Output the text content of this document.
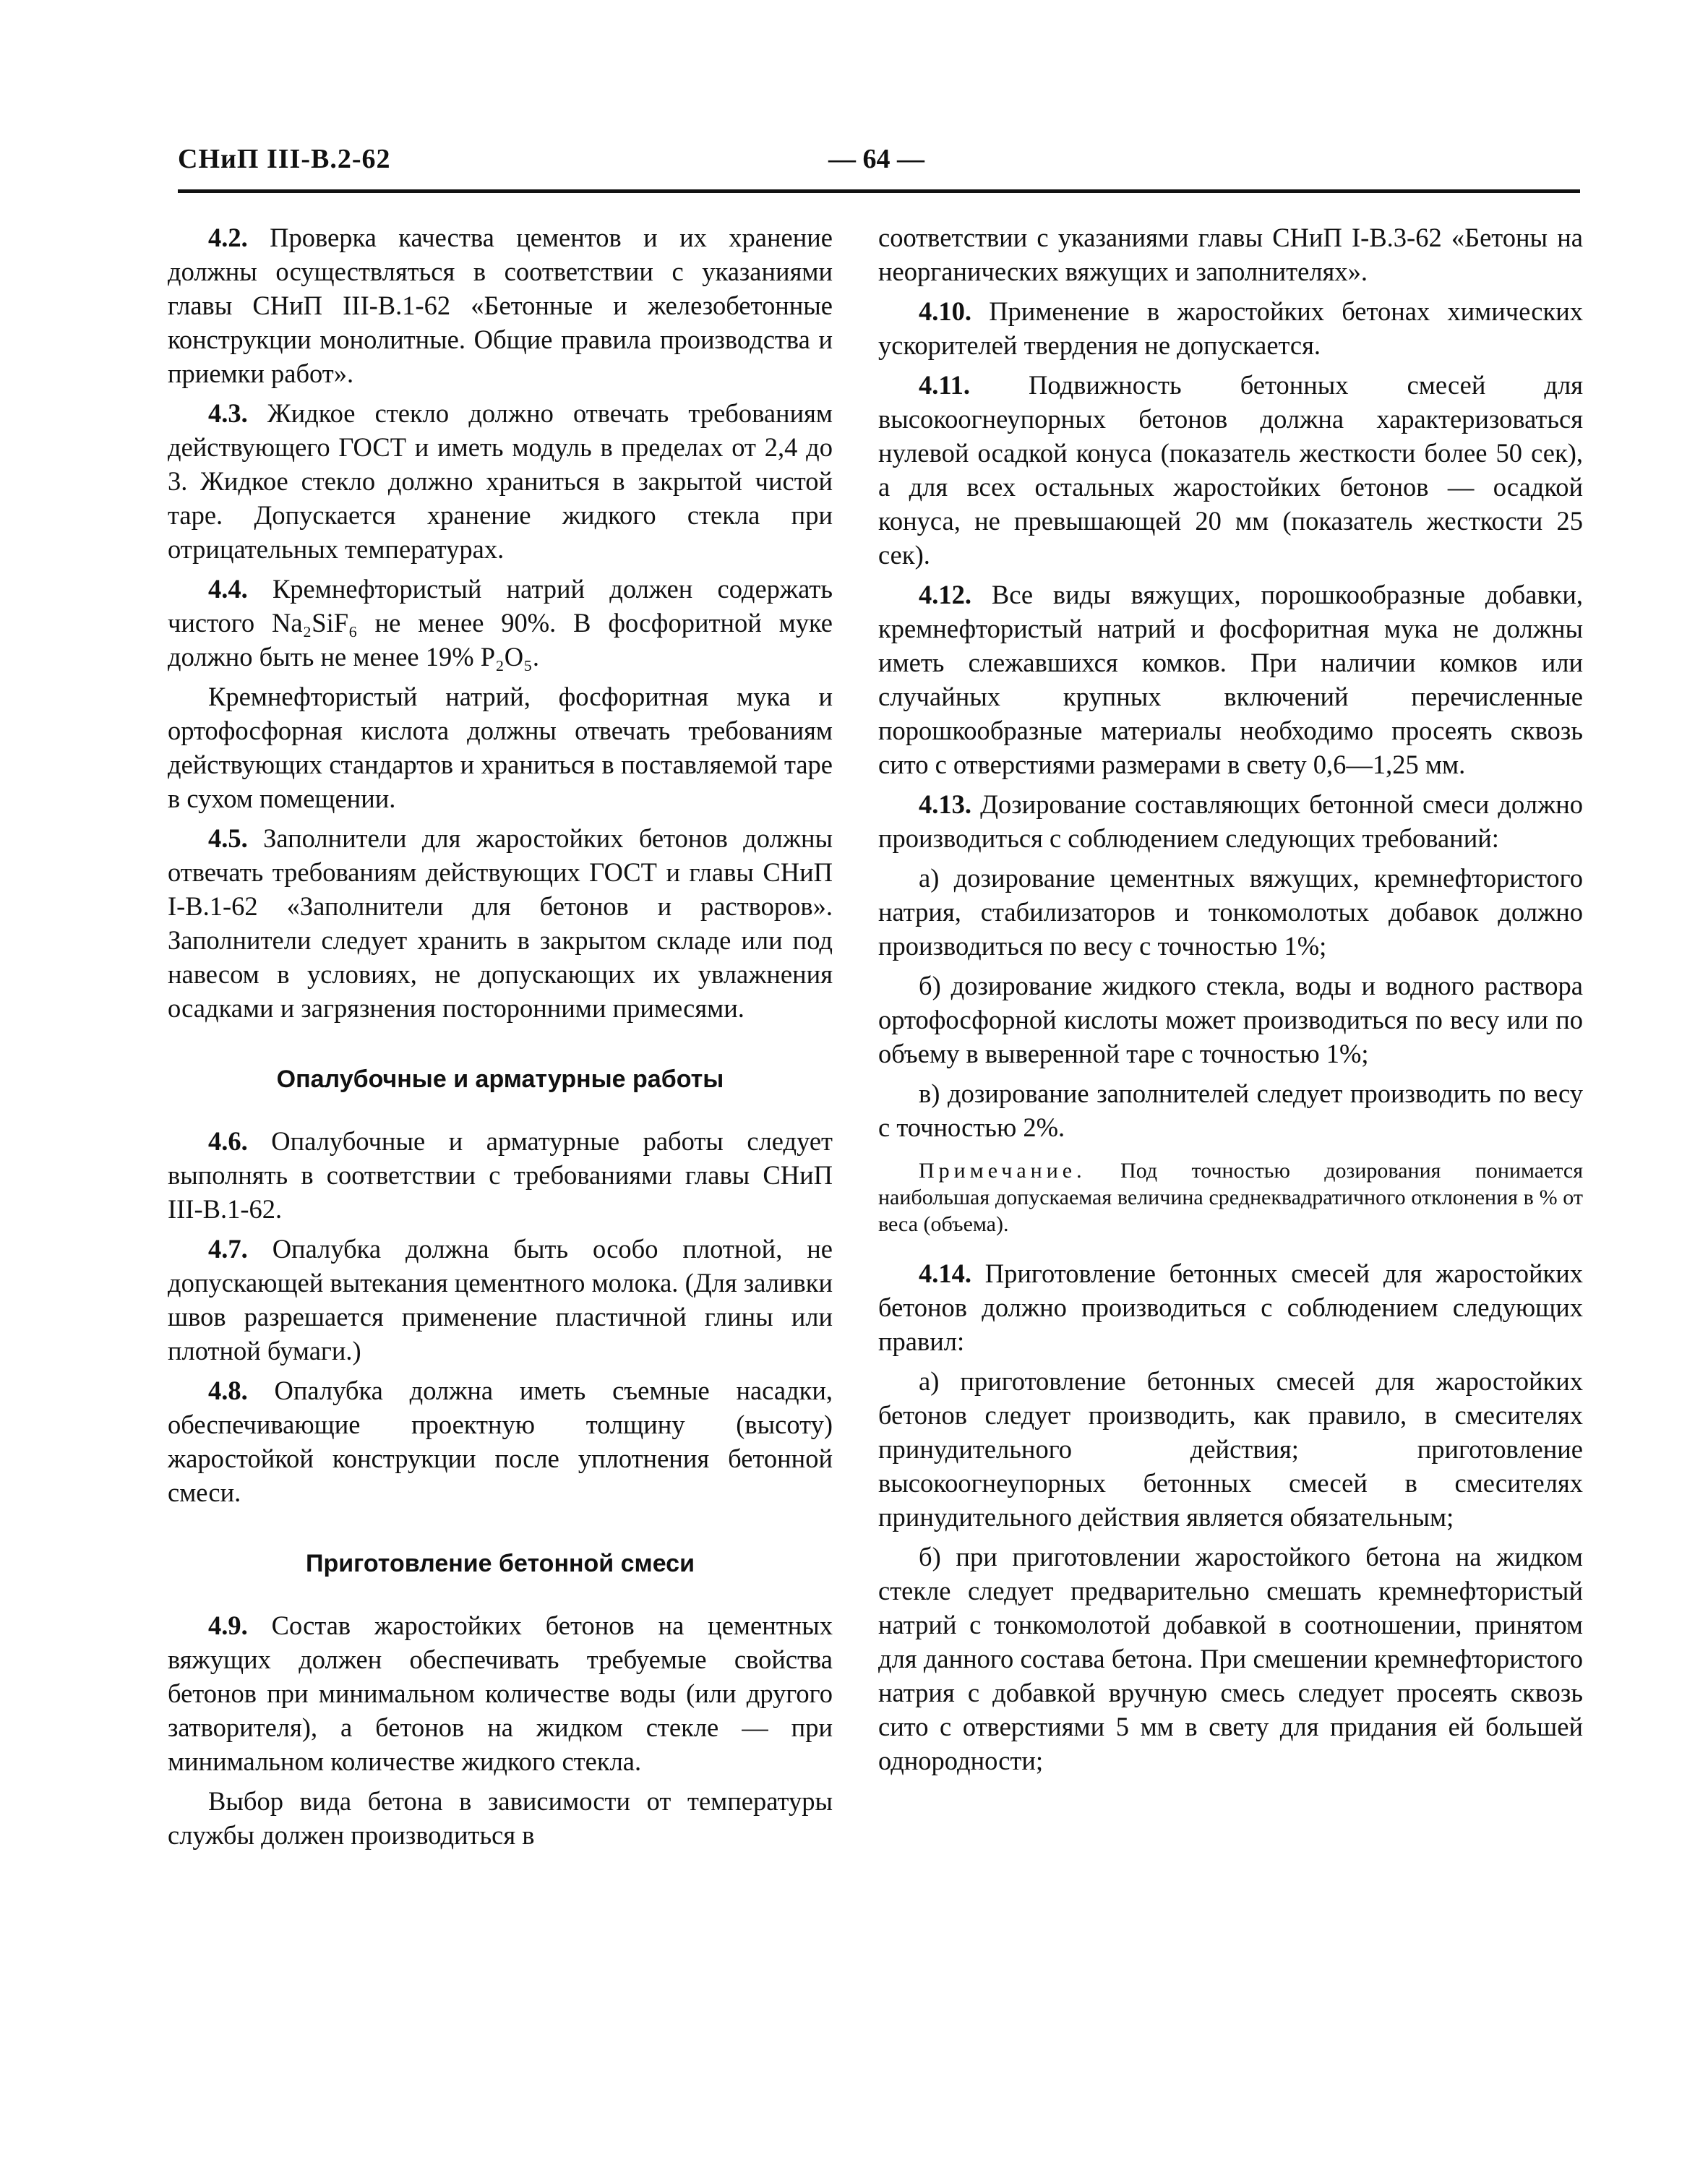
СНиП III-В.2-62	— 64 —

4.2. Проверка качества цементов и их хранение должны осуществляться в соответствии с указаниями главы СНиП III-В.1-62 «Бетонные и железобетонные конструкции монолитные. Общие правила производства и приемки работ».

4.3. Жидкое стекло должно отвечать требованиям действующего ГОСТ и иметь модуль в пределах от 2,4 до 3. Жидкое стекло должно храниться в закрытой чистой таре. Допускается хранение жидкого стекла при отрицательных температурах.

4.4. Кремнефтористый натрий должен содержать чистого Na₂SiF₆ не менее 90%. В фосфоритной муке должно быть не менее 19% P₂O₅.

Кремнефтористый натрий, фосфоритная мука и ортофосфорная кислота должны отвечать требованиям действующих стандартов и храниться в поставляемой таре в сухом помещении.

4.5. Заполнители для жаростойких бетонов должны отвечать требованиям действующих ГОСТ и главы СНиП I-В.1-62 «Заполнители для бетонов и растворов». Заполнители следует хранить в закрытом складе или под навесом в условиях, не допускающих их увлажнения осадками и загрязнения посторонними примесями.

Опалубочные и арматурные работы

4.6. Опалубочные и арматурные работы следует выполнять в соответствии с требованиями главы СНиП III-В.1-62.

4.7. Опалубка должна быть особо плотной, не допускающей вытекания цементного молока. (Для заливки швов разрешается применение пластичной глины или плотной бумаги.)

4.8. Опалубка должна иметь съемные насадки, обеспечивающие проектную толщину (высоту) жаростойкой конструкции после уплотнения бетонной смеси.

Приготовление бетонной смеси

4.9. Состав жаростойких бетонов на цементных вяжущих должен обеспечивать требуемые свойства бетонов при минимальном количестве воды (или другого затворителя), а бетонов на жидком стекле — при минимальном количестве жидкого стекла.

Выбор вида бетона в зависимости от температуры службы должен производиться в

соответствии с указаниями главы СНиП I-В.3-62 «Бетоны на неорганических вяжущих и заполнителях».

4.10. Применение в жаростойких бетонах химических ускорителей твердения не допускается.

4.11. Подвижность бетонных смесей для высокоогнеупорных бетонов должна характеризоваться нулевой осадкой конуса (показатель жесткости более 50 сек), а для всех остальных жаростойких бетонов — осадкой конуса, не превышающей 20 мм (показатель жесткости 25 сек).

4.12. Все виды вяжущих, порошкообразные добавки, кремнефтористый натрий и фосфоритная мука не должны иметь слежавшихся комков. При наличии комков или случайных крупных включений перечисленные порошкообразные материалы необходимо просеять сквозь сито с отверстиями размерами в свету 0,6—1,25 мм.

4.13. Дозирование составляющих бетонной смеси должно производиться с соблюдением следующих требований:

а) дозирование цементных вяжущих, кремнефтористого натрия, стабилизаторов и тонкомолотых добавок должно производиться по весу с точностью 1%;

б) дозирование жидкого стекла, воды и водного раствора ортофосфорной кислоты может производиться по весу или по объему в выверенной таре с точностью 1%;

в) дозирование заполнителей следует производить по весу с точностью 2%.

Примечание. Под точностью дозирования понимается наибольшая допускаемая величина среднеквадратичного отклонения в % от веса (объема).

4.14. Приготовление бетонных смесей для жаростойких бетонов должно производиться с соблюдением следующих правил:

а) приготовление бетонных смесей для жаростойких бетонов следует производить, как правило, в смесителях принудительного действия; приготовление высокоогнеупорных бетонных смесей в смесителях принудительного действия является обязательным;

б) при приготовлении жаростойкого бетона на жидком стекле следует предварительно смешать кремнефтористый натрий с тонкомолотой добавкой в соотношении, принятом для данного состава бетона. При смешении кремнефтористого натрия с добавкой вручную смесь следует просеять сквозь сито с отверстиями 5 мм в свету для придания ей большей однородности;
